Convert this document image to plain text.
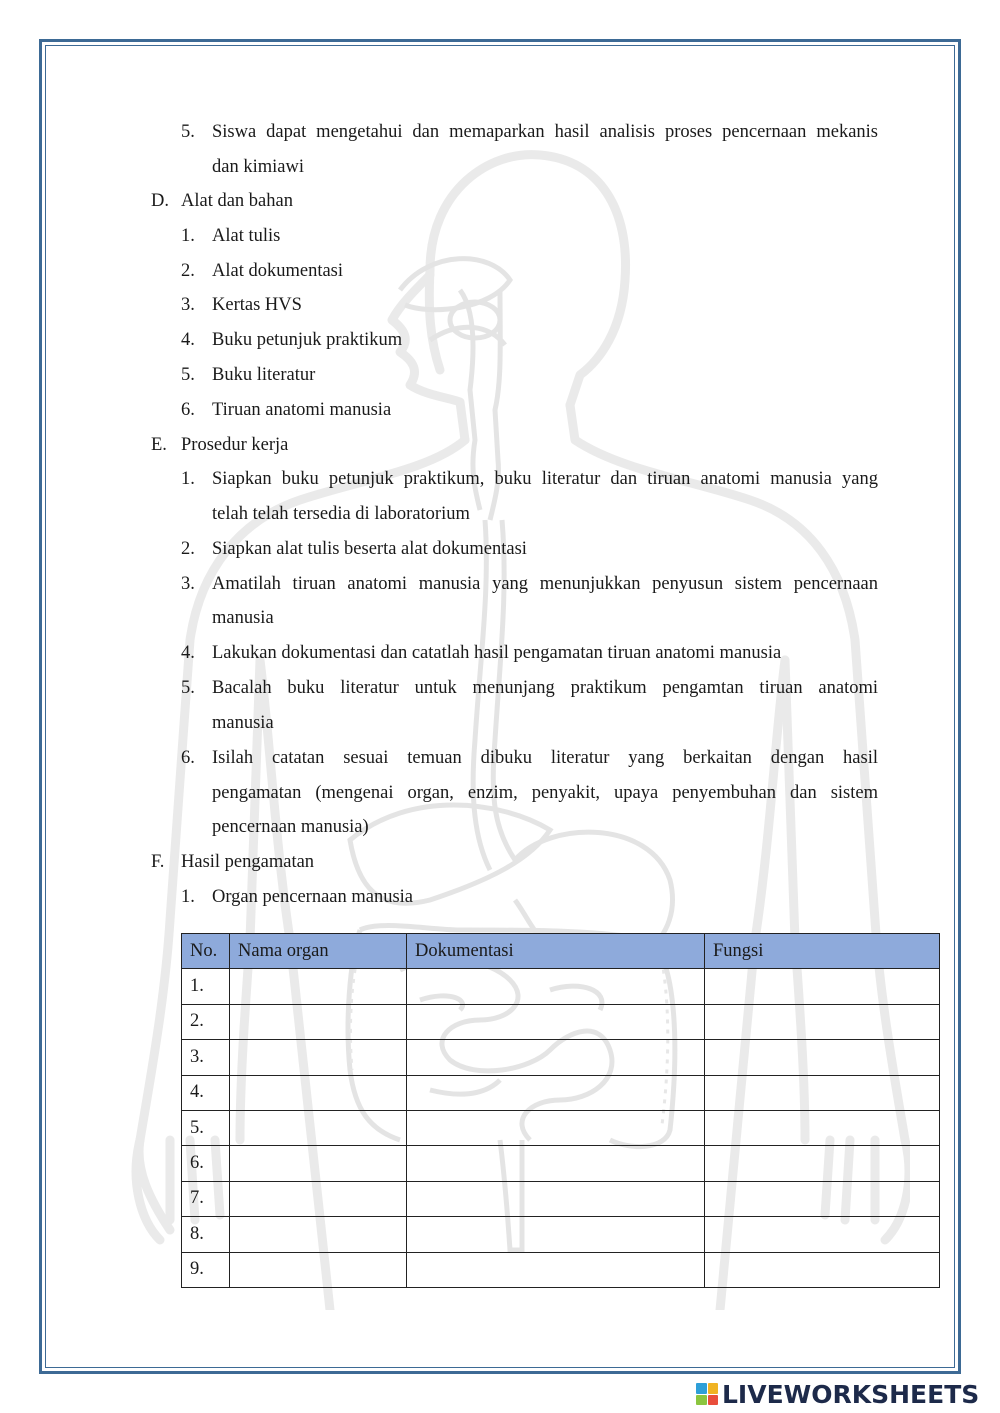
5. Siswa dapat mengetahui dan memaparkan hasil analisis proses pencernaan mekanis
dan kimiawi
D. Alat dan bahan
1. Alat tulis
2. Alat dokumentasi
3. Kertas HVS
4. Buku petunjuk praktikum
5. Buku literatur
6. Tiruan anatomi manusia
E. Prosedur kerja
1. Siapkan buku petunjuk praktikum, buku literatur dan tiruan anatomi manusia yang
telah telah tersedia di laboratorium
2. Siapkan alat tulis beserta alat dokumentasi
3. Amatilah tiruan anatomi manusia yang menunjukkan penyusun sistem pencernaan
manusia
4. Lakukan dokumentasi dan catatlah hasil pengamatan tiruan anatomi manusia
5. Bacalah buku literatur untuk menunjang praktikum pengamtan tiruan anatomi
manusia
6. Isilah catatan sesuai temuan dibuku literatur yang berkaitan dengan hasil
pengamatan (mengenai organ, enzim, penyakit, upaya penyembuhan dan sistem
pencernaan manusia)
F. Hasil pengamatan
1. Organ pencernaan manusia
No.	Nama organ	Dokumentasi	Fungsi
1.			
2.			
3.			
4.			
5.			
6.			
7.			
8.			
9.			
LIVEWORKSHEETS
